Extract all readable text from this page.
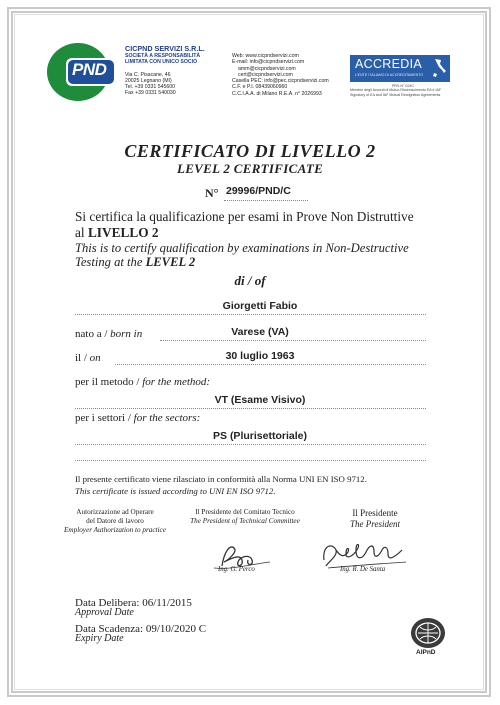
PND
CICPND SERVIZI S.R.L.
SOCIETÀ A RESPONSABILITÀ
LIMITATA CON UNICO SOCIO
Via C. Pisacane, 46
20025 Legnano (MI)
Tel. +39 0331 545600
Fax +39 0331 540030
Web: www.cicpndservizi.com
E-mail: info@cicpndservizi.com
amm@cicpndservizi.com
cert@cicpndservizi.com
Casella PEC: info@pec.cicpndservizi.com
C.F. e P.I. 08439060960
C.C.I.A.A. di Milano R.E.A. n° 2026993
ACCREDIA
L'ENTE ITALIANO DI ACCREDITAMENTO
PRS N° 024C
Membro degli Accordi di Mutuo Riconoscimento EA e IAF
Signatory of EA and IAF Mutual Recognition Agreements
CERTIFICATO DI LIVELLO 2
LEVEL 2 CERTIFICATE
N° 29996/PND/C
Si certifica la qualificazione per esami in Prove Non Distruttive
al LIVELLO 2
This is to certify qualification by examinations in Non-Destructive
Testing at the LEVEL 2
di / of
Giorgetti Fabio
nato a / born in	Varese (VA)
il / on	30 luglio 1963
per il metodo / for the method:
VT (Esame Visivo)
per i settori / for the sectors:
PS (Plurisettoriale)
Il presente certificato viene rilasciato in conformità alla Norma UNI EN ISO 9712.
This certificate is issued according to UNI EN ISO 9712.
Autorizzazione ad Operare
del Datore di lavoro
Employer Authorization to practice
Il Presidente del Comitato Tecnico
The President of Technical Committee
Il Presidente
The President
Ing. G. Perco	Ing. R. De Santa
Data Delibera: 06/11/2015
Approval Date
Data Scadenza: 09/10/2020 C
Expiry Date
AIPnD
